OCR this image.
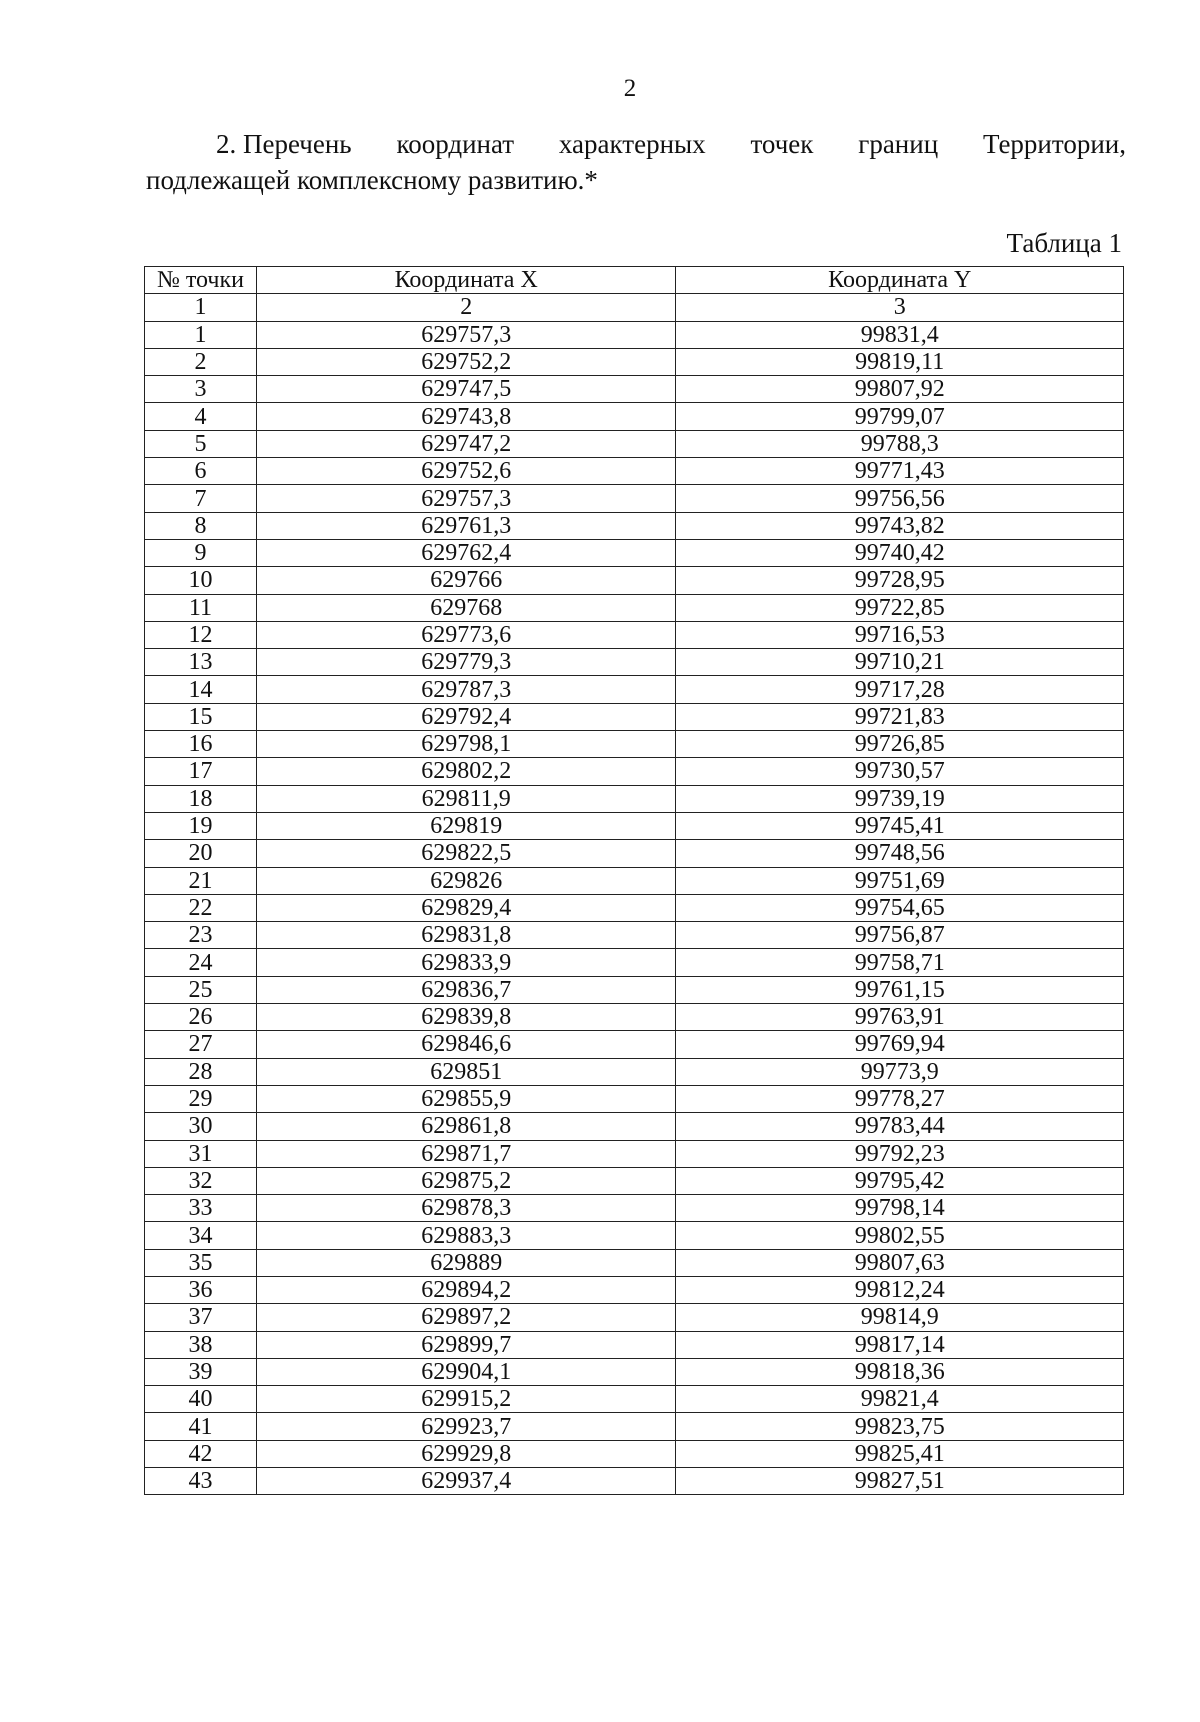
2
2. Перечень координат характерных точек границ Территории,
подлежащей комплексному развитию.*
Таблица 1
№ точки	Координата X	Координата Y
1	2	3
1	629757,3	99831,4
2	629752,2	99819,11
3	629747,5	99807,92
4	629743,8	99799,07
5	629747,2	99788,3
6	629752,6	99771,43
7	629757,3	99756,56
8	629761,3	99743,82
9	629762,4	99740,42
10	629766	99728,95
11	629768	99722,85
12	629773,6	99716,53
13	629779,3	99710,21
14	629787,3	99717,28
15	629792,4	99721,83
16	629798,1	99726,85
17	629802,2	99730,57
18	629811,9	99739,19
19	629819	99745,41
20	629822,5	99748,56
21	629826	99751,69
22	629829,4	99754,65
23	629831,8	99756,87
24	629833,9	99758,71
25	629836,7	99761,15
26	629839,8	99763,91
27	629846,6	99769,94
28	629851	99773,9
29	629855,9	99778,27
30	629861,8	99783,44
31	629871,7	99792,23
32	629875,2	99795,42
33	629878,3	99798,14
34	629883,3	99802,55
35	629889	99807,63
36	629894,2	99812,24
37	629897,2	99814,9
38	629899,7	99817,14
39	629904,1	99818,36
40	629915,2	99821,4
41	629923,7	99823,75
42	629929,8	99825,41
43	629937,4	99827,51
